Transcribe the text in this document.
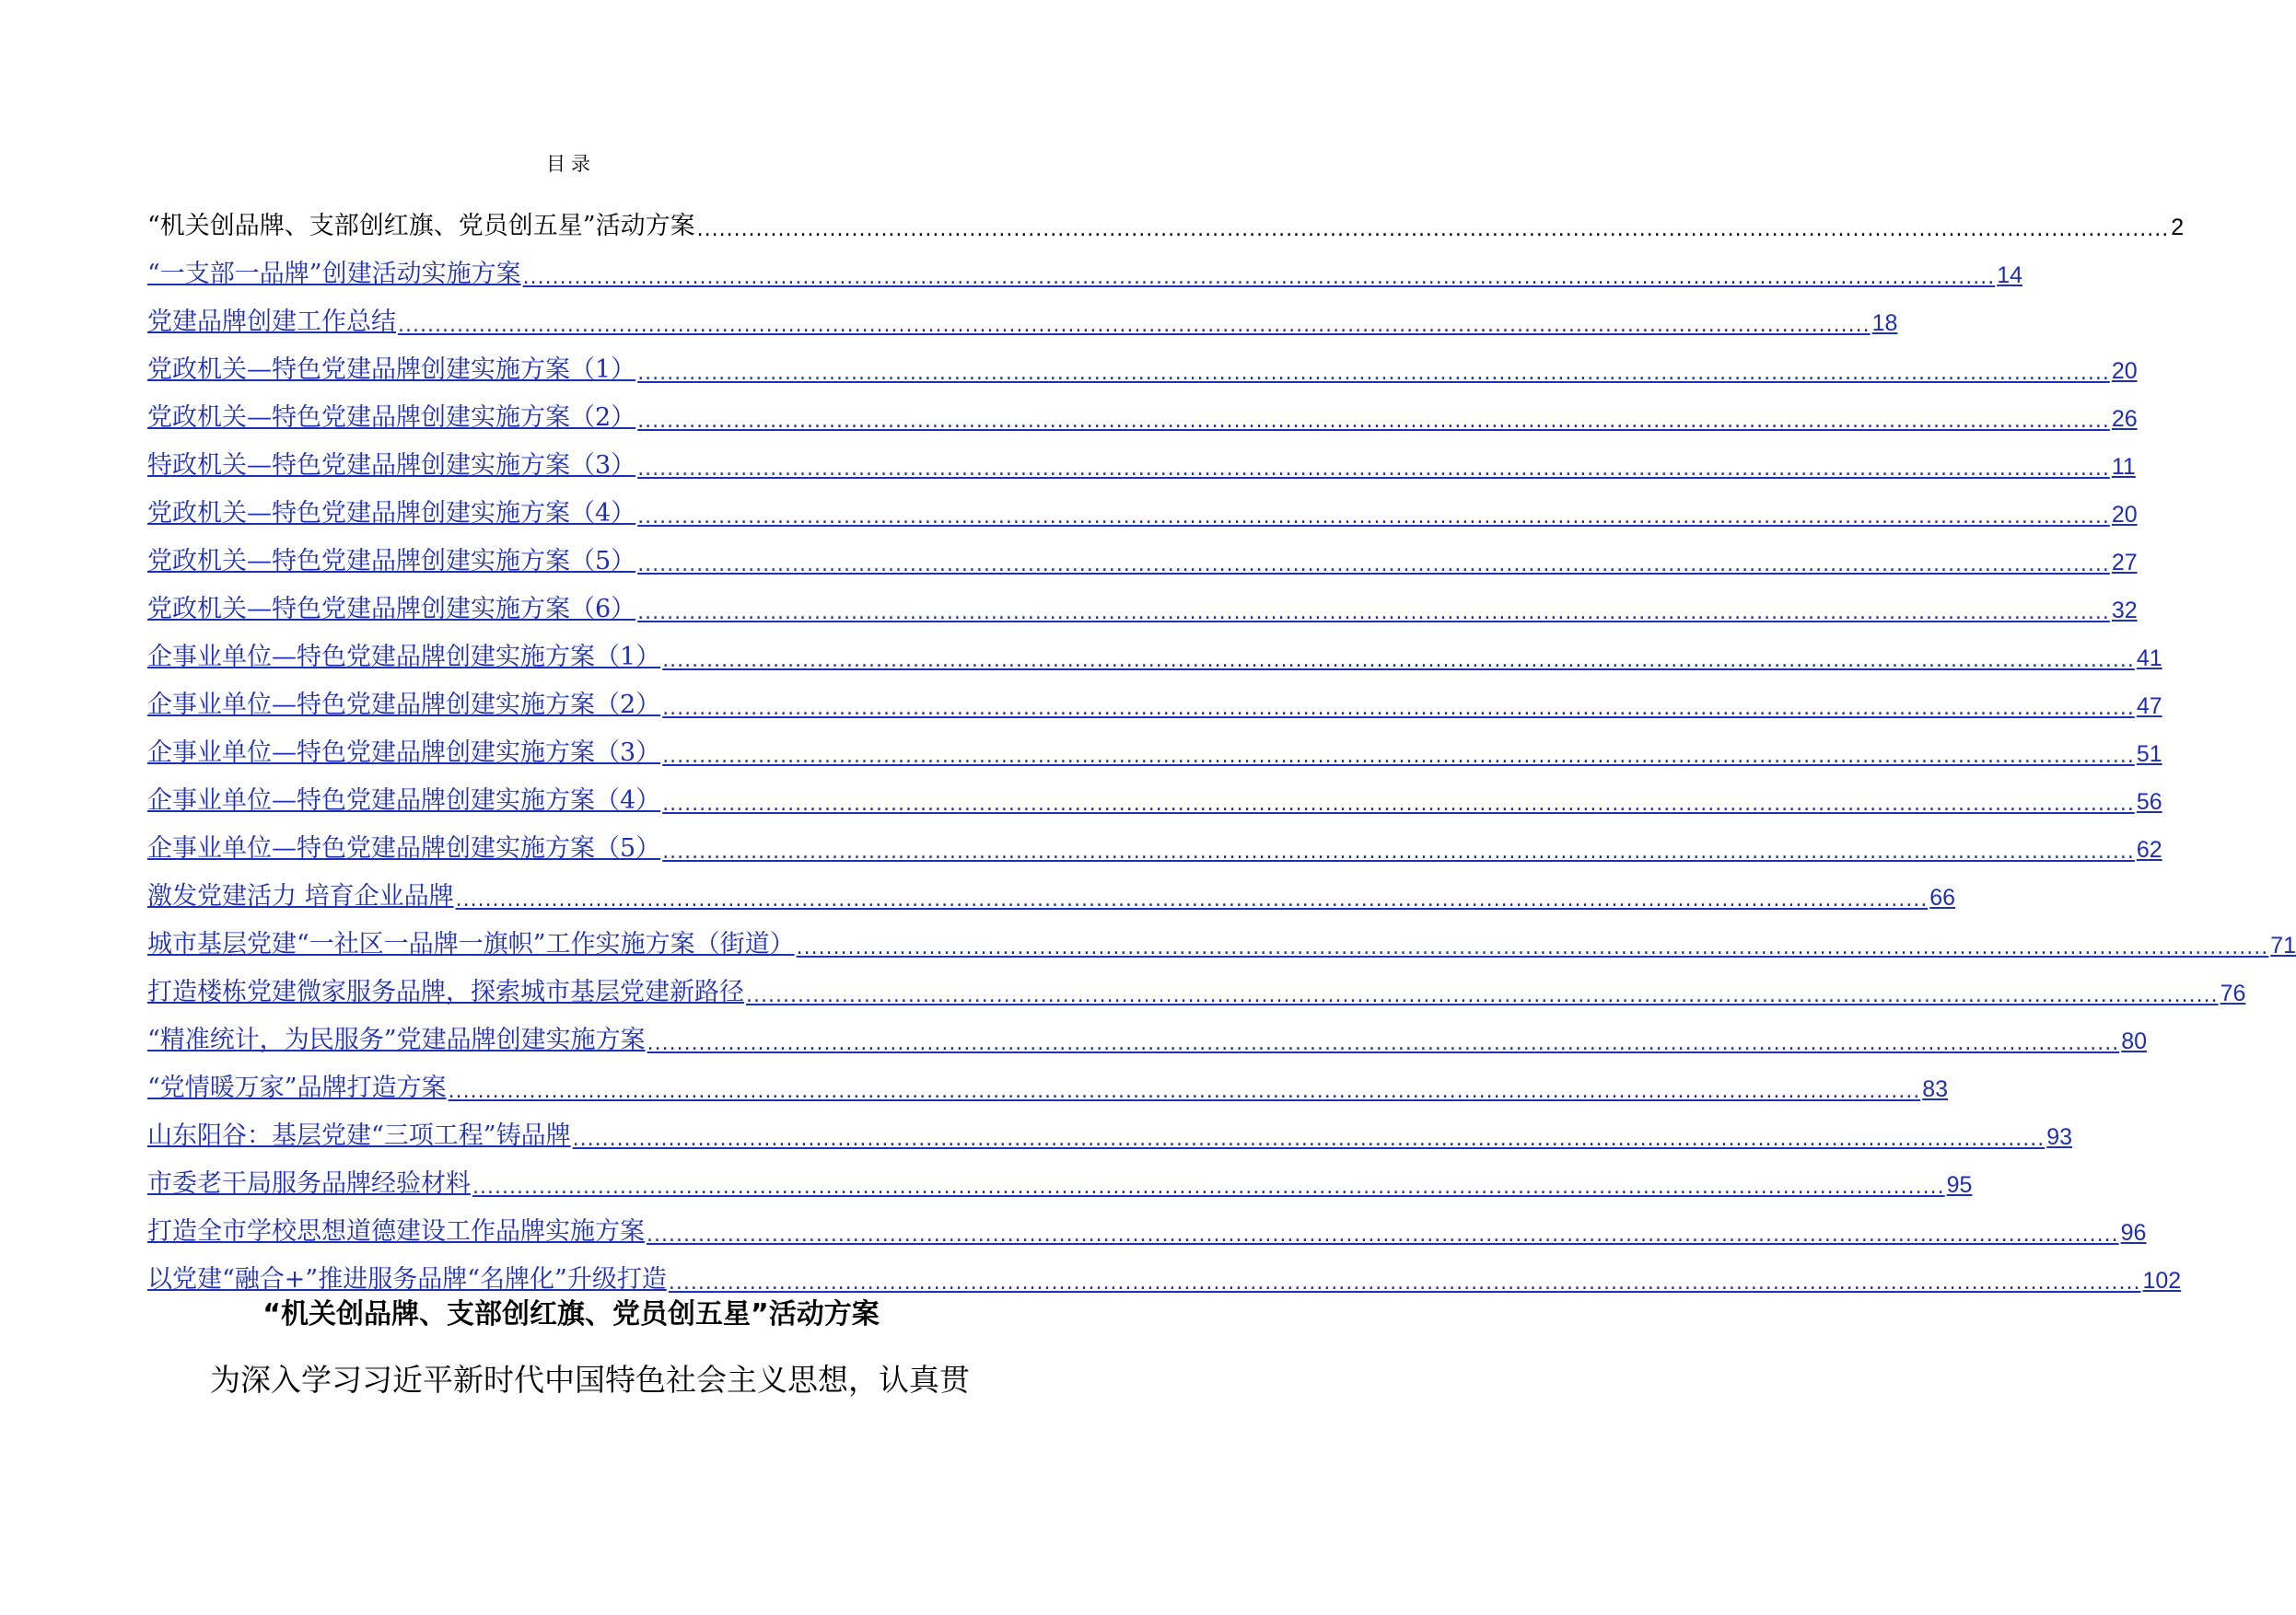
目录
“机关创品牌、支部创红旗、党员创五星”活动方案 ........................................................................................................................................................................................................ 2
“一支部一品牌”创建活动实施方案 ........................................................................................................................................................................................................ 14
党建品牌创建工作总结 ........................................................................................................................................................................................................ 18
党政机关—特色党建品牌创建实施方案（1） ........................................................................................................................................................................................................ 20
党政机关—特色党建品牌创建实施方案（2） ........................................................................................................................................................................................................ 26
特政机关—特色党建品牌创建实施方案（3） ........................................................................................................................................................................................................ 11
党政机关—特色党建品牌创建实施方案（4） ........................................................................................................................................................................................................ 20
党政机关—特色党建品牌创建实施方案（5） ........................................................................................................................................................................................................ 27
党政机关—特色党建品牌创建实施方案（6） ........................................................................................................................................................................................................ 32
企事业单位—特色党建品牌创建实施方案（1） ........................................................................................................................................................................................................ 41
企事业单位—特色党建品牌创建实施方案（2） ........................................................................................................................................................................................................ 47
企事业单位—特色党建品牌创建实施方案（3） ........................................................................................................................................................................................................ 51
企事业单位—特色党建品牌创建实施方案（4） ........................................................................................................................................................................................................ 56
企事业单位—特色党建品牌创建实施方案（5） ........................................................................................................................................................................................................ 62
激发党建活力 培育企业品牌 ........................................................................................................................................................................................................ 66
城市基层党建“一社区一品牌一旗帜”工作实施方案（街道） ........................................................................................................................................................................................................ 71
打造楼栋党建微家服务品牌，探索城市基层党建新路径 ........................................................................................................................................................................................................ 76
“精准统计，为民服务”党建品牌创建实施方案 ........................................................................................................................................................................................................ 80
“党情暖万家”品牌打造方案 ........................................................................................................................................................................................................ 83
山东阳谷：基层党建“三项工程”铸品牌 ........................................................................................................................................................................................................ 93
市委老干局服务品牌经验材料 ........................................................................................................................................................................................................ 95
打造全市学校思想道德建设工作品牌实施方案 ........................................................................................................................................................................................................ 96
以党建“融合+”推进服务品牌“名牌化”升级打造 ........................................................................................................................................................................................................ 102
“机关创品牌、支部创红旗、党员创五星”活动方案
为深入学习习近平新时代中国特色社会主义思想，认真贯
